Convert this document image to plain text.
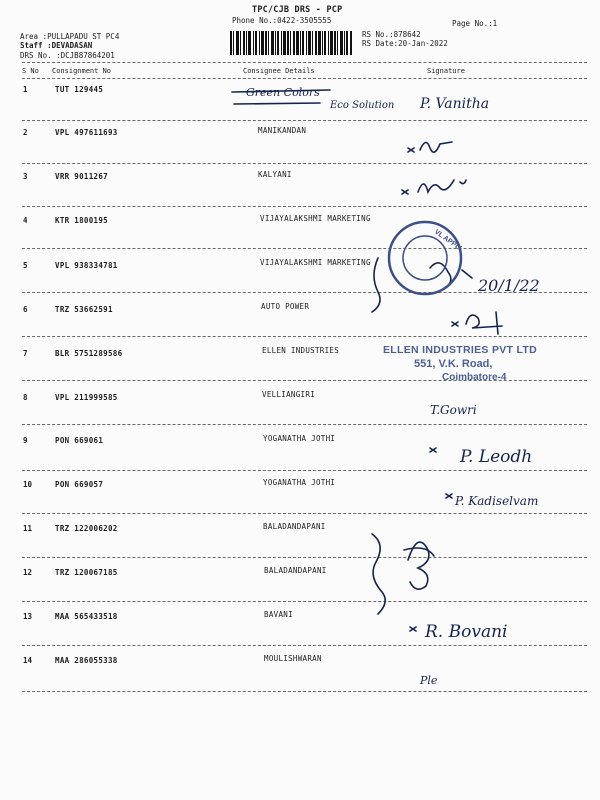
TPC/CJB DRS - PCP
Phone No.:0422-3505555	Page No.:1
Area :PULLAPADU ST PC4
Staff :DEVADASAN
DRS No. :DCJB87864201
RS No.:878642
RS Date:20-Jan-2022
S No Consignment No	Consignee Details	Signature
1	TUT 129445
2	VPL 497611693	MANIKANDAN
3	VRR 9011267	KALYANI
4	KTR 1800195	VIJAYALAKSHMI MARKETING
5	VPL 938334781	VIJAYALAKSHMI MARKETING
6	TRZ 53662591	AUTO POWER
7	BLR 5751289586	ELLEN INDUSTRIES
8	VPL 211999585	VELLIANGIRI
9	PON 669061	YOGANATHA JOTHI
10	PON 669057	YOGANATHA JOTHI
11	TRZ 122006202	BALADANDAPANI
12	TRZ 120067185	BALADANDAPANI
13	MAA 565433518	BAVANI
14	MAA 286055338	MOULISHWARAN
Green Colors
Eco Solution P. Vanitha
T.Gowri
P. Leodh
P. Kadiselvam
R. Bovani
Ple
20/1/22
VL APPLI
ELLEN INDUSTRIES PVT LTD
551, V.K. Road,
Coimbatore-4
